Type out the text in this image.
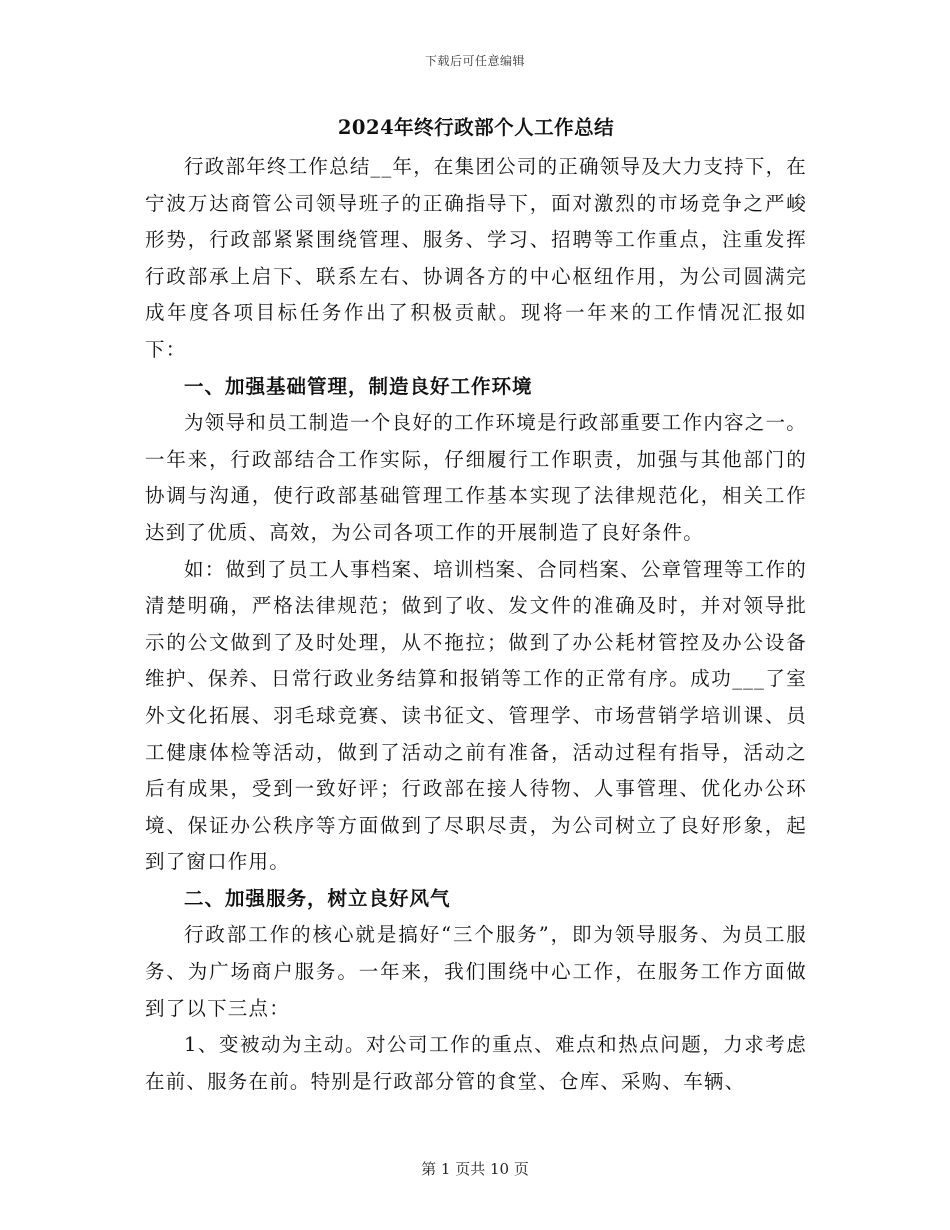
下载后可任意编辑
2024年终行政部个人工作总结

行政部年终工作总结__年，在集团公司的正确领导及大力支持下，在宁波万达商管公司领导班子的正确指导下，面对激烈的市场竞争之严峻形势，行政部紧紧围绕管理、服务、学习、招聘等工作重点，注重发挥行政部承上启下、联系左右、协调各方的中心枢纽作用，为公司圆满完成年度各项目标任务作出了积极贡献。现将一年来的工作情况汇报如下：

一、加强基础管理，制造良好工作环境

为领导和员工制造一个良好的工作环境是行政部重要工作内容之一。一年来，行政部结合工作实际，仔细履行工作职责，加强与其他部门的协调与沟通，使行政部基础管理工作基本实现了法律规范化，相关工作达到了优质、高效，为公司各项工作的开展制造了良好条件。

如：做到了员工人事档案、培训档案、合同档案、公章管理等工作的清楚明确，严格法律规范；做到了收、发文件的准确及时，并对领导批示的公文做到了及时处理，从不拖拉；做到了办公耗材管控及办公设备维护、保养、日常行政业务结算和报销等工作的正常有序。成功___了室外文化拓展、羽毛球竞赛、读书征文、管理学、市场营销学培训课、员工健康体检等活动，做到了活动之前有准备，活动过程有指导，活动之后有成果，受到一致好评；行政部在接人待物、人事管理、优化办公环境、保证办公秩序等方面做到了尽职尽责，为公司树立了良好形象，起到了窗口作用。

二、加强服务，树立良好风气

行政部工作的核心就是搞好“三个服务”，即为领导服务、为员工服务、为广场商户服务。一年来，我们围绕中心工作，在服务工作方面做到了以下三点：

1、变被动为主动。对公司工作的重点、难点和热点问题，力求考虑在前、服务在前。特别是行政部分管的食堂、仓库、采购、车辆、

第 1 页共 10 页
